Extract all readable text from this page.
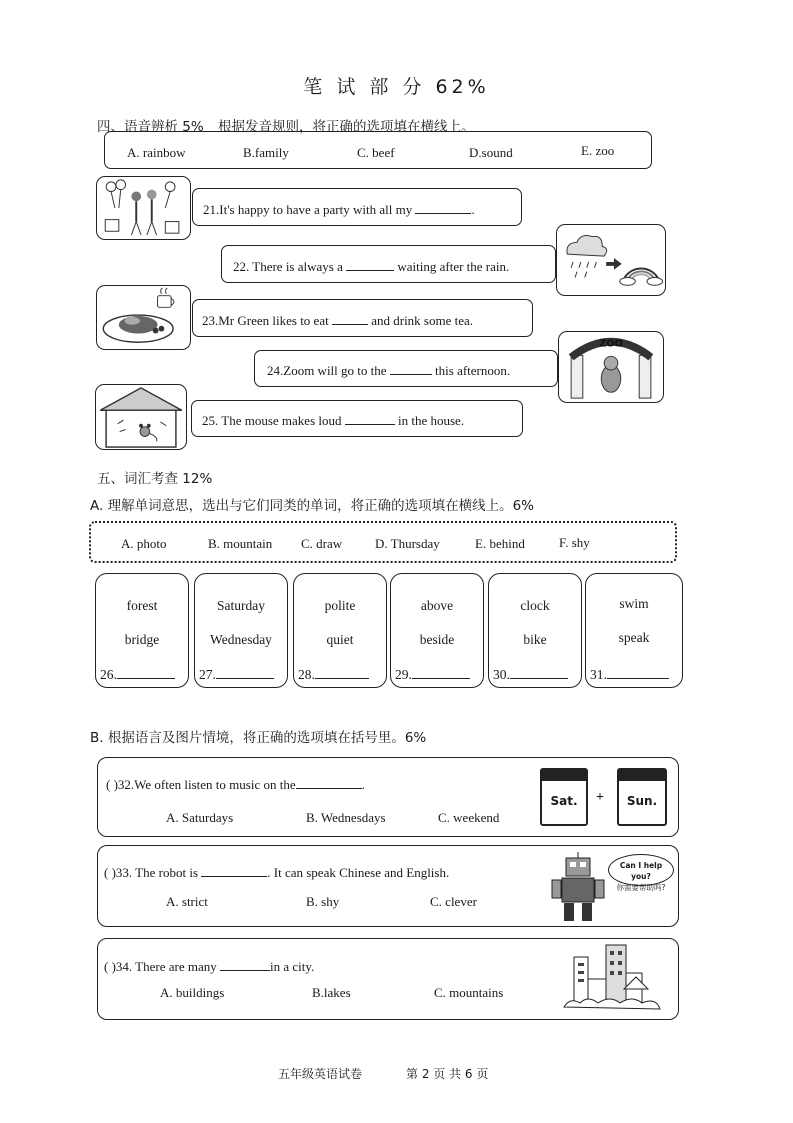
笔 试 部 分 62%
四、语音辨析 5% 根据发音规则，将正确的选项填在横线上。
A. rainbow	B.family	C. beef	D.sound	E. zoo
21.It's happy to have a party with all my	.
22. There is always a	waiting after the rain.
23.Mr Green likes to eat	and drink some tea.
24.Zoom will go to the	this afternoon.
ZOO
25. The mouse makes loud	in the house.
五、词汇考查 12%
A. 理解单词意思，选出与它们同类的单词，将正确的选项填在横线上。6%
A. photo	B. mountain C. draw	D. Thursday	E. behind	F. shy
forest
bridge
26.
Saturday
Wednesday
27.
polite
quiet
28.
above
beside
29.
clock
bike
30.
swim
speak
31.
B. 根据语言及图片情境，将正确的选项填在括号里。6%
( )32.We often listen to music on the	.
A. Saturdays	B. Wednesdays	C. weekend
Sat.	+	Sun.
( )33. The robot is	. It can speak Chinese and English.
A. strict	B. shy	C. clever
Can I help you?
你需要帮助吗?
( )34. There are many	in a city.
A. buildings	B.lakes	C. mountains
五年级英语试卷	第 2 页 共 6 页
